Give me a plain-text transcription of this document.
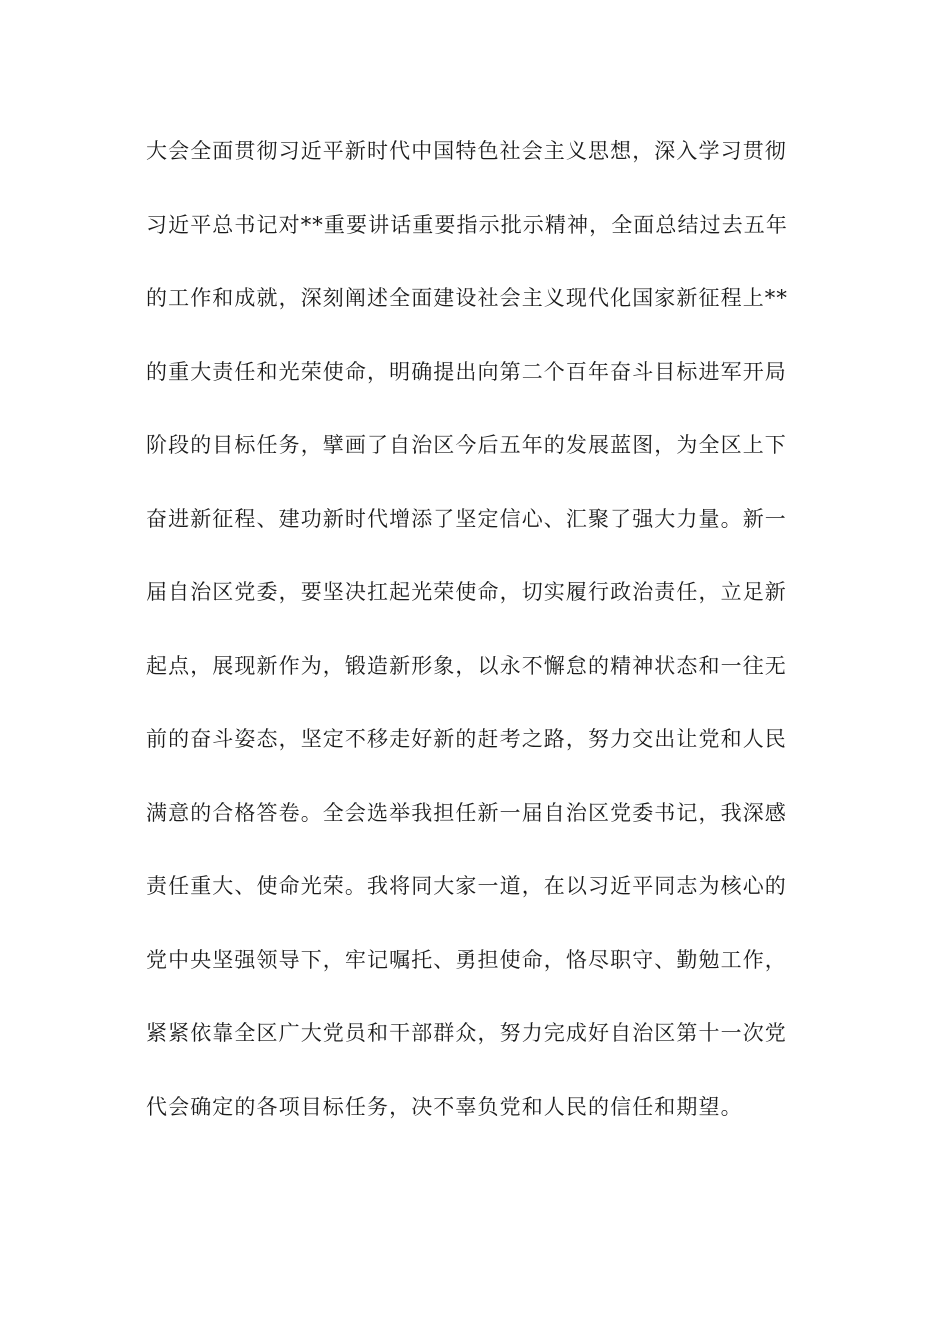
大会全面贯彻习近平新时代中国特色社会主义思想，深入学习贯彻
习近平总书记对**重要讲话重要指示批示精神，全面总结过去五年
的工作和成就，深刻阐述全面建设社会主义现代化国家新征程上**
的重大责任和光荣使命，明确提出向第二个百年奋斗目标进军开局
阶段的目标任务，擘画了自治区今后五年的发展蓝图，为全区上下
奋进新征程、建功新时代增添了坚定信心、汇聚了强大力量。新一
届自治区党委，要坚决扛起光荣使命，切实履行政治责任，立足新
起点，展现新作为，锻造新形象，以永不懈怠的精神状态和一往无
前的奋斗姿态，坚定不移走好新的赶考之路，努力交出让党和人民
满意的合格答卷。全会选举我担任新一届自治区党委书记，我深感
责任重大、使命光荣。我将同大家一道，在以习近平同志为核心的
党中央坚强领导下，牢记嘱托、勇担使命，恪尽职守、勤勉工作，
紧紧依靠全区广大党员和干部群众，努力完成好自治区第十一次党
代会确定的各项目标任务，决不辜负党和人民的信任和期望。
